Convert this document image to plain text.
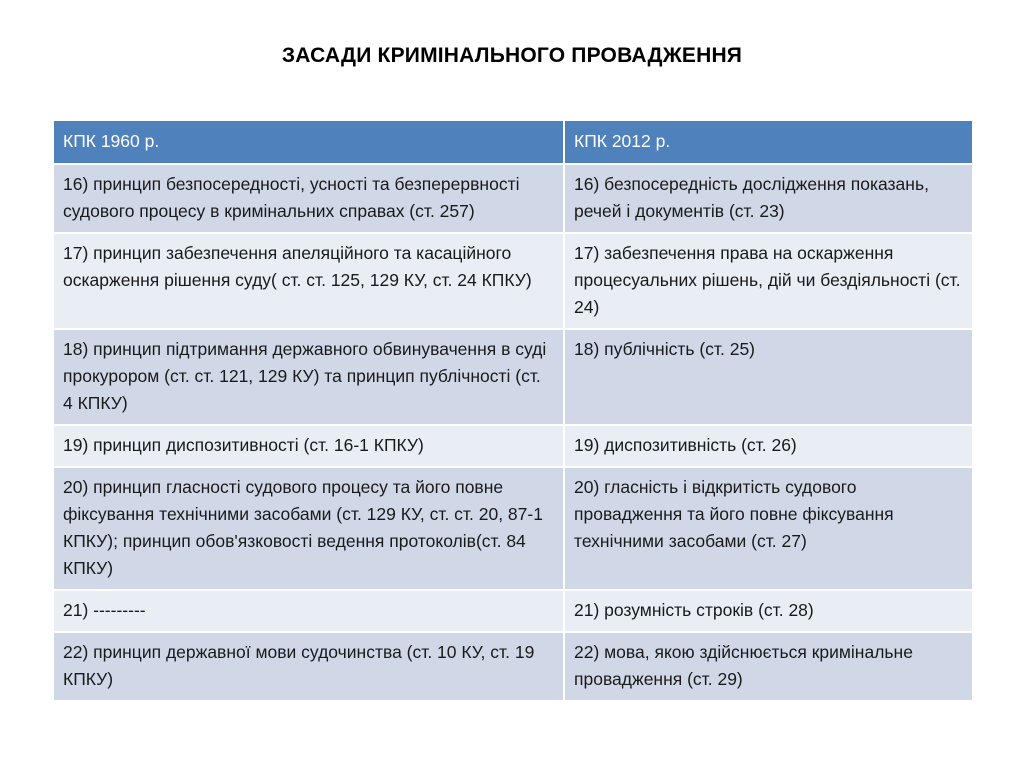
ЗАСАДИ КРИМІНАЛЬНОГО ПРОВАДЖЕННЯ
КПК 1960 р.	КПК 2012 р.
16) принцип безпосередності, усності та безперервності судового процесу в кримінальних справах (ст. 257)	16) безпосередність дослідження показань, речей і документів (ст. 23)
17) принцип забезпечення апеляційного та касаційного оскарження рішення суду( ст. ст. 125, 129 КУ, ст. 24 КПКУ)	17) забезпечення права на оскарження процесуальних рішень, дій чи бездіяльності (ст. 24)
18) принцип підтримання державного обвинувачення в суді прокурором (ст. ст. 121, 129 КУ) та принцип публічності (ст. 4 КПКУ)	18) публічність (ст. 25)
19) принцип диспозитивності (ст. 16-1 КПКУ)	19) диспозитивність (ст. 26)
20) принцип гласності судового процесу та його повне фіксування технічними засобами (ст. 129 КУ, ст. ст. 20, 87-1 КПКУ); принцип обов'язковості ведення протоколів(ст. 84 КПКУ)	20) гласність і відкритість судового провадження та його повне фіксування технічними засобами (ст. 27)
21) ---------	21) розумність строків (ст. 28)
22) принцип державної мови судочинства (ст. 10 КУ, ст. 19 КПКУ)	22) мова, якою здійснюється кримінальне провадження (ст. 29)
